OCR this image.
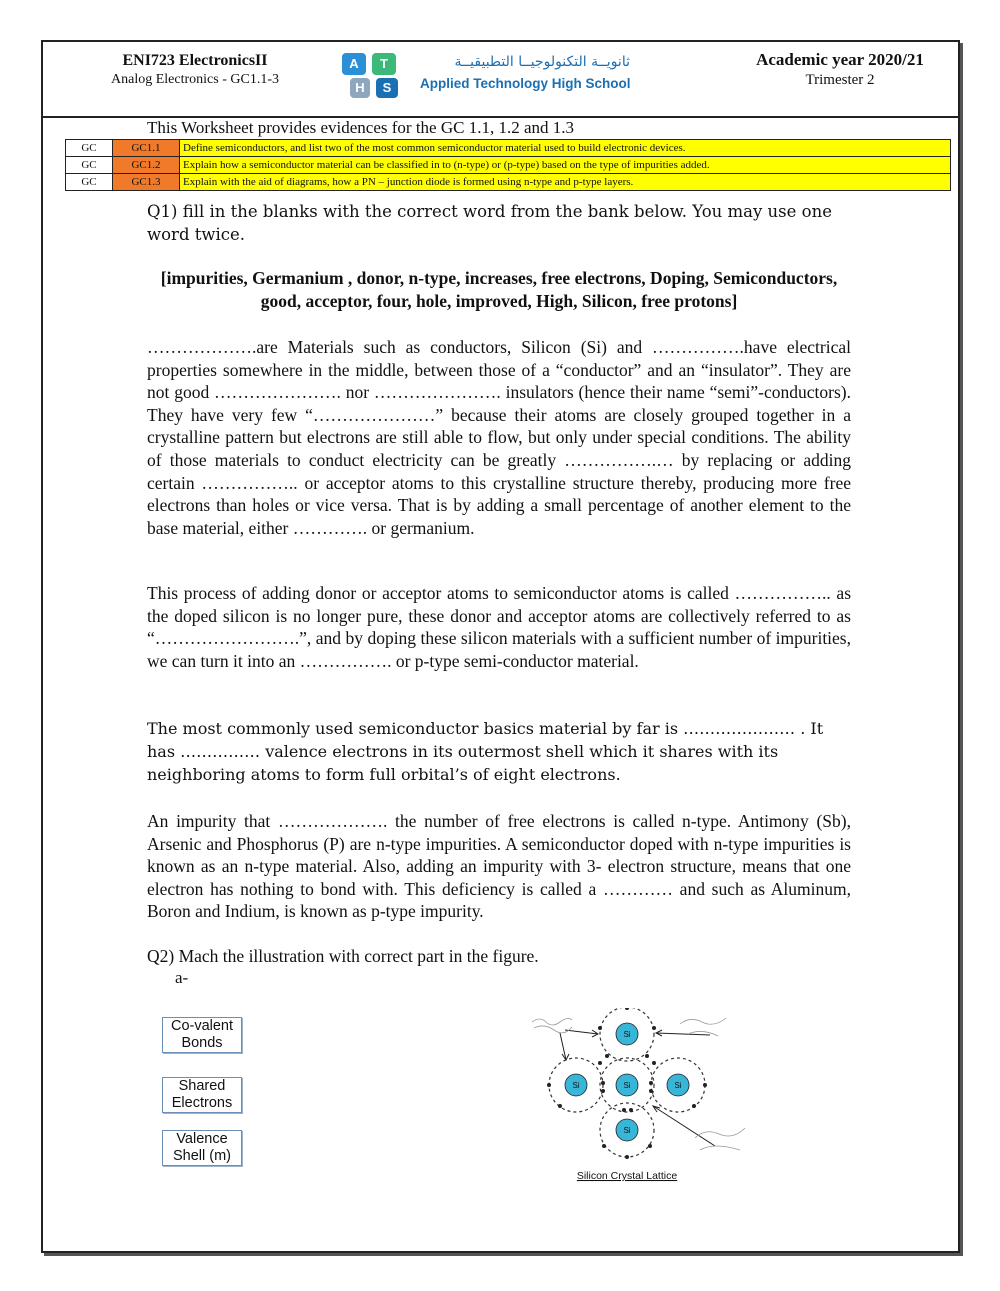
ENI723 ElectronicsII
Analog Electronics - GC1.1-3
A	T
H	S
ثانويــة التكنولوجيــا التطبيقيــة
Applied Technology High School
Academic year 2020/21
Trimester 2
This Worksheet provides evidences for the GC 1.1, 1.2 and 1.3
GC	GC1.1	Define semiconductors, and list two of the most common semiconductor material used to build electronic devices.
GC	GC1.2	Explain how a semiconductor material can be classified in to (n-type) or (p-type) based on the type of impurities added.
GC	GC1.3	Explain with the aid of diagrams, how a PN – junction diode is formed using n-type and p-type layers.
Q1) fill in the blanks with the correct word from the bank below. You may use one word twice.
[impurities, Germanium , donor, n-type, increases, free electrons, Doping, Semiconductors, good, acceptor, four, hole, improved, High, Silicon, free protons]
……………….are Materials such as conductors, Silicon (Si) and …………….have electrical properties somewhere in the middle, between those of a “conductor” and an “insulator”. They are not good …………………. nor …………………. insulators (hence their name “semi”-conductors). They have very few “…………………” because their atoms are closely grouped together in a crystalline pattern but electrons are still able to flow, but only under special conditions. The ability of those materials to conduct electricity can be greatly …………….… by replacing or adding certain …………….. or acceptor atoms to this crystalline structure thereby, producing more free electrons than holes or vice versa. That is by adding a small percentage of another element to the base material, either …………. or germanium.
This process of adding donor or acceptor atoms to semiconductor atoms is called …………….. as the doped silicon is no longer pure, these donor and acceptor atoms are collectively referred to as “…………………….”, and by doping these silicon materials with a sufficient number of impurities, we can turn it into an ……………. or p-type semi-conductor material.
The most commonly used semiconductor basics material by far is ………………… . It has …………… valence electrons in its outermost shell which it shares with its neighboring atoms to form full orbital’s of eight electrons.
An impurity that ………………. the number of free electrons is called n-type. Antimony (Sb), Arsenic and Phosphorus (P) are n-type impurities. A semiconductor doped with n-type impurities is known as an n-type material. Also, adding an impurity with 3- electron structure, means that one electron has nothing to bond with. This deficiency is called a ………… and such as Aluminum, Boron and Indium, is known as p-type impurity.
Q2) Mach the illustration with correct part in the figure.
a-
Co-valent Bonds
Shared Electrons
Valence Shell (m)
Si
Si	Si	Si
Si
Silicon Crystal Lattice
